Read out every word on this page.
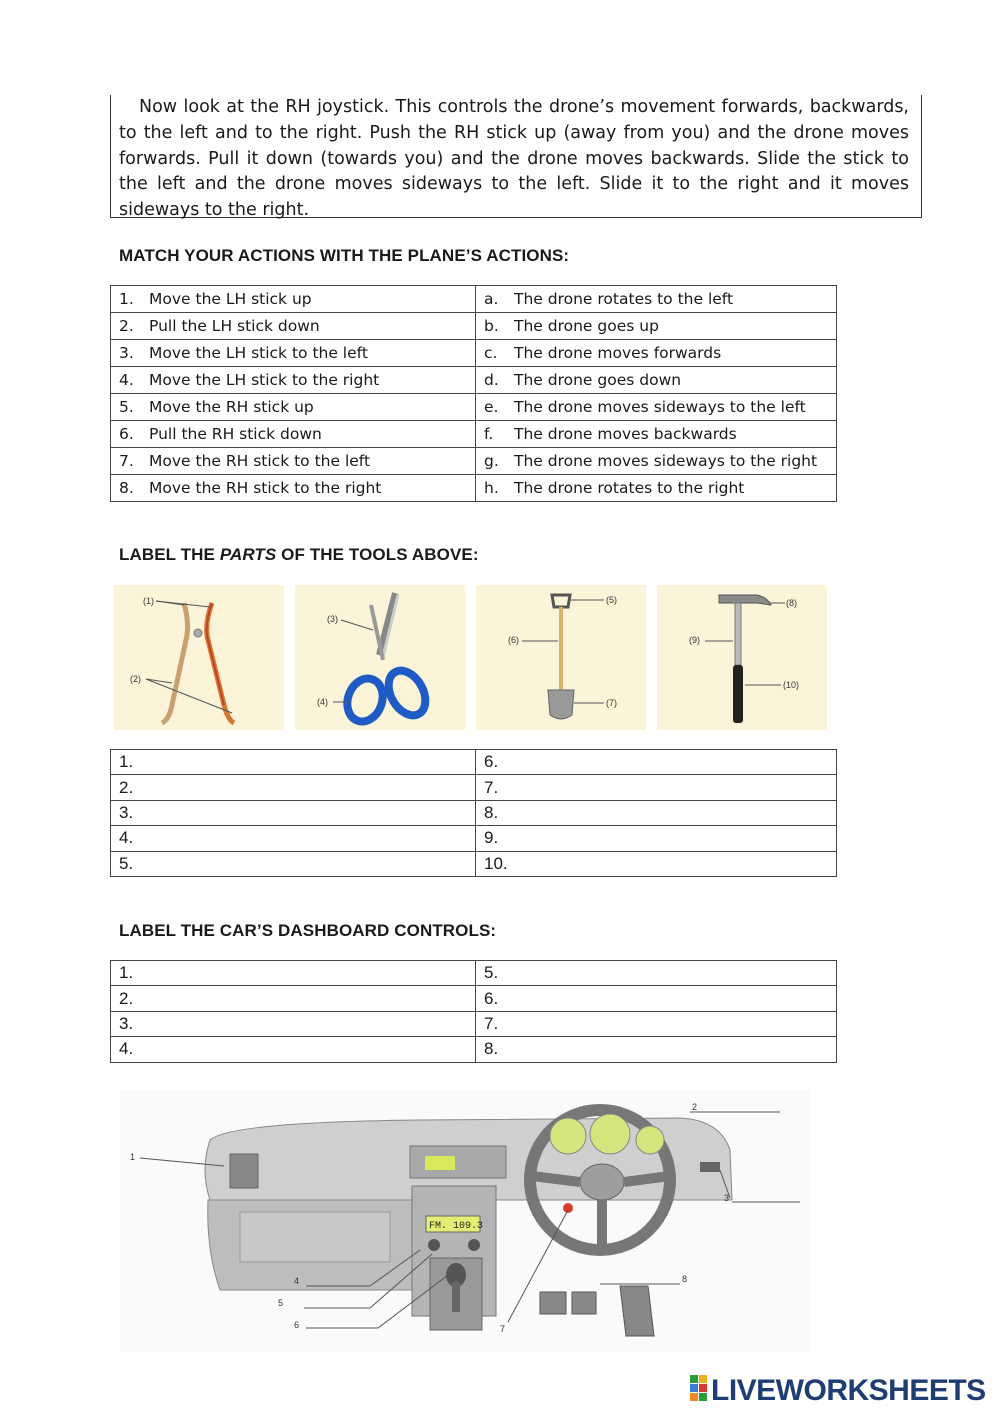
Now look at the RH joystick. This controls the drone’s movement forwards, backwards, to the left and to the right. Push the RH stick up (away from you) and the drone moves forwards. Pull it down (towards you) and the drone moves backwards. Slide the stick to the left and the drone moves sideways to the left. Slide it to the right and it moves sideways to the right.
MATCH YOUR ACTIONS WITH THE PLANE’S ACTIONS:
1. Move the LH stick up	a. The drone rotates to the left
2. Pull the LH stick down	b. The drone goes up
3. Move the LH stick to the left	c. The drone moves forwards
4. Move the LH stick to the right	d. The drone goes down
5. Move the RH stick up	e. The drone moves sideways to the left
6. Pull the RH stick down	f. The drone moves backwards
7. Move the RH stick to the left	g. The drone moves sideways to the right
8. Move the RH stick to the right	h. The drone rotates to the right
LABEL THE PARTS OF THE TOOLS ABOVE:
(1)
(2)
(3)
(4)
(5)
(6)
(7)
(8)
(9)
(10)
1.	6.
2.	7.
3.	8.
4.	9.
5.	10.
LABEL THE CAR’S DASHBOARD CONTROLS:
1.	5.
2.	6.
3.	7.
4.	8.
FM. 109.3
1
2
3
4
5
6	7
8
LIVEWORKSHEETS
